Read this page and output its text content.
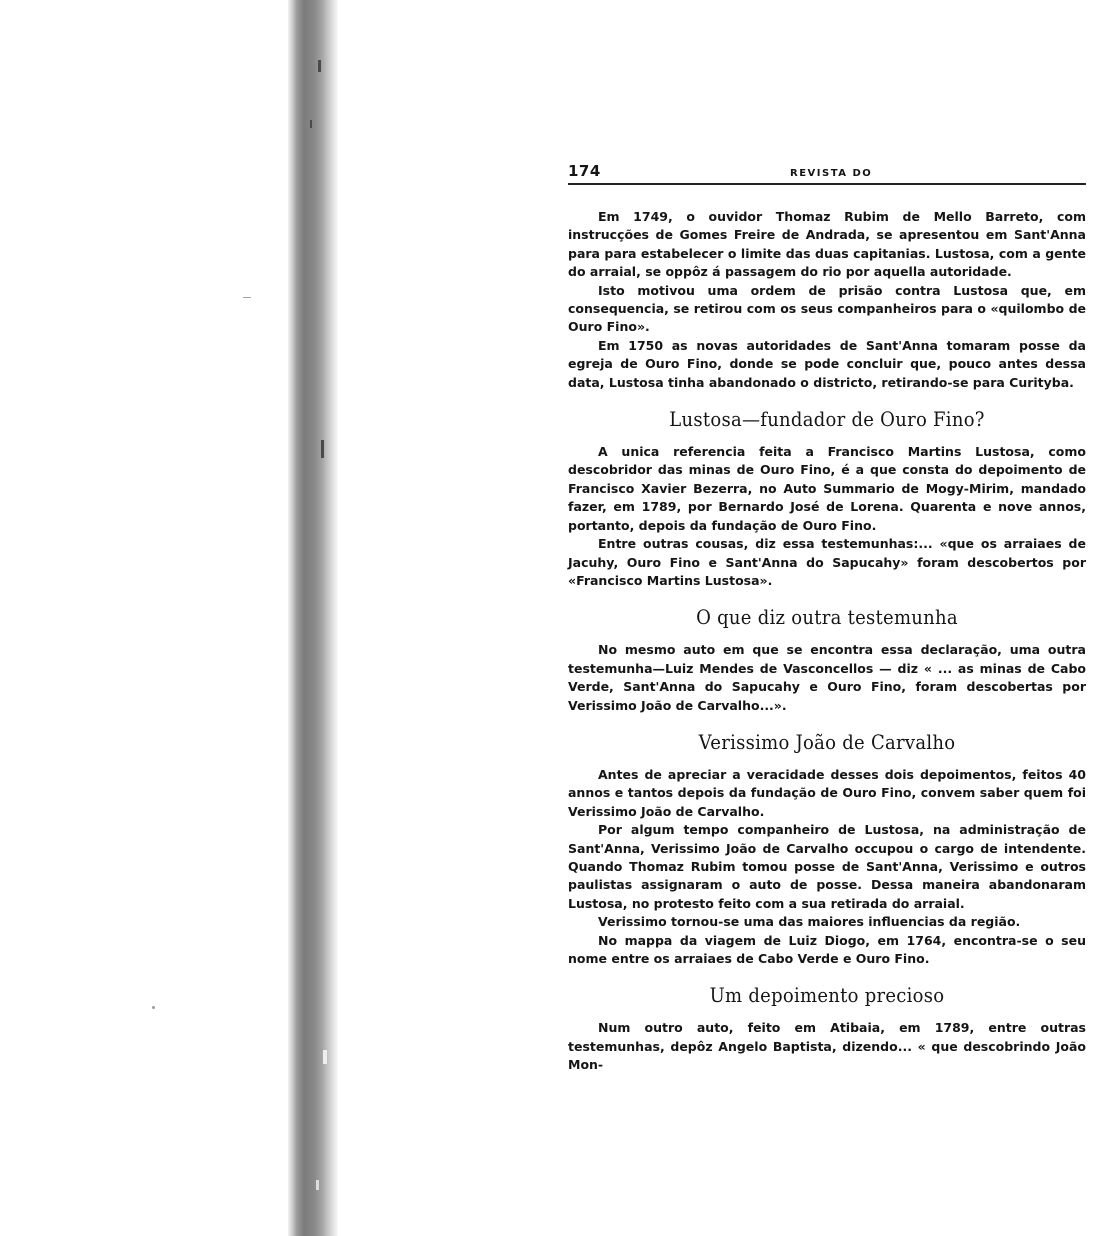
174	REVISTA DO

Em 1749, o ouvidor Thomaz Rubim de Mello Barreto, com instrucções de Gomes Freire de Andrada, se apresentou em Sant'Anna para para estabelecer o limite das duas capitanias. Lustosa, com a gente do arraial, se oppôz á passagem do rio por aquella autoridade.

Isto motivou uma ordem de prisão contra Lustosa que, em consequencia, se retirou com os seus companheiros para o «quilombo de Ouro Fino».

Em 1750 as novas autoridades de Sant'Anna tomaram posse da egreja de Ouro Fino, donde se pode concluir que, pouco antes dessa data, Lustosa tinha abandonado o districto, retirando-se para Curityba.

Lustosa—fundador de Ouro Fino?

A unica referencia feita a Francisco Martins Lustosa, como descobridor das minas de Ouro Fino, é a que consta do depoimento de Francisco Xavier Bezerra, no Auto Summario de Mogy-Mirim, mandado fazer, em 1789, por Bernardo José de Lorena. Quarenta e nove annos, portanto, depois da fundação de Ouro Fino.

Entre outras cousas, diz essa testemunhas:... «que os arraiaes de Jacuhy, Ouro Fino e Sant'Anna do Sapucahy» foram descobertos por «Francisco Martins Lustosa».

O que diz outra testemunha

No mesmo auto em que se encontra essa declaração, uma outra testemunha—Luiz Mendes de Vasconcellos — diz « ... as minas de Cabo Verde, Sant'Anna do Sapucahy e Ouro Fino, foram descobertas por Verissimo João de Carvalho...».

Verissimo João de Carvalho

Antes de apreciar a veracidade desses dois depoimentos, feitos 40 annos e tantos depois da fundação de Ouro Fino, convem saber quem foi Verissimo João de Carvalho.

Por algum tempo companheiro de Lustosa, na administração de Sant'Anna, Verissimo João de Carvalho occupou o cargo de intendente. Quando Thomaz Rubim tomou posse de Sant'Anna, Verissimo e outros paulistas assignaram o auto de posse. Dessa maneira abandonaram Lustosa, no protesto feito com a sua retirada do arraial.

Verissimo tornou-se uma das maiores influencias da região.

No mappa da viagem de Luiz Diogo, em 1764, encontra-se o seu nome entre os arraiaes de Cabo Verde e Ouro Fino.

Um depoimento precioso

Num outro auto, feito em Atibaia, em 1789, entre outras testemunhas, depôz Angelo Baptista, dizendo... « que descobrindo João Mon-
